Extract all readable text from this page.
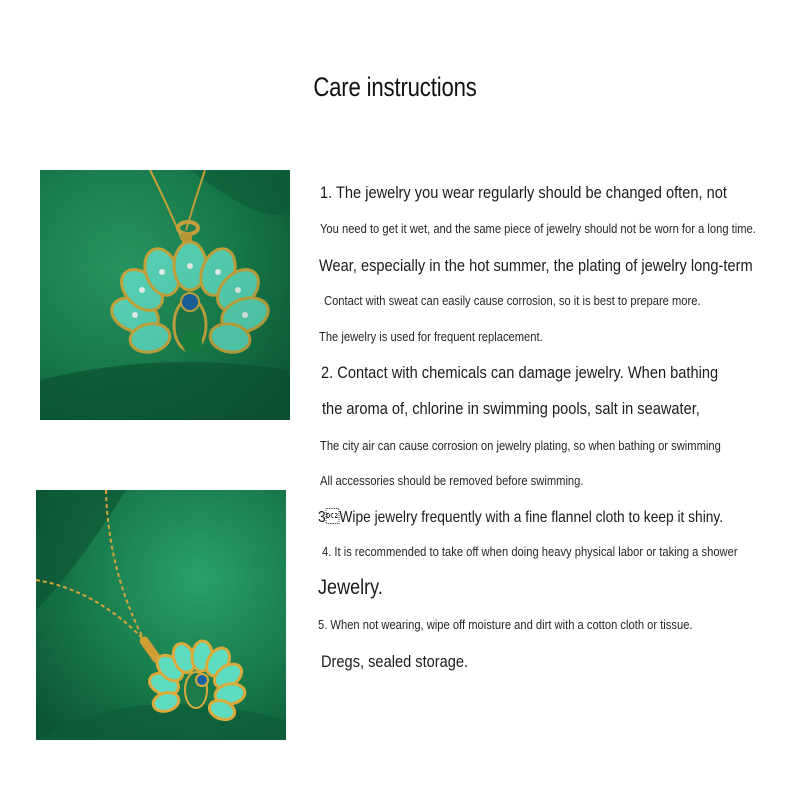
Care instructions
1. The jewelry you wear regularly should be changed often, not
You need to get it wet, and the same piece of jewelry should not be worn for a long time.
Wear, especially in the hot summer, the plating of jewelry long-term
Contact with sweat can easily cause corrosion, so it is best to prepare more.
The jewelry is used for frequent replacement.
2. Contact with chemicals can damage jewelry. When bathing
the aroma of, chlorine in swimming pools, salt in seawater,
The city air can cause corrosion on jewelry plating, so when bathing or swimming
All accessories should be removed before swimming.
3Wipe jewelry frequently with a fine flannel cloth to keep it shiny.
4. It is recommended to take off when doing heavy physical labor or taking a shower
Jewelry.
5. When not wearing, wipe off moisture and dirt with a cotton cloth or tissue.
Dregs, sealed storage.
